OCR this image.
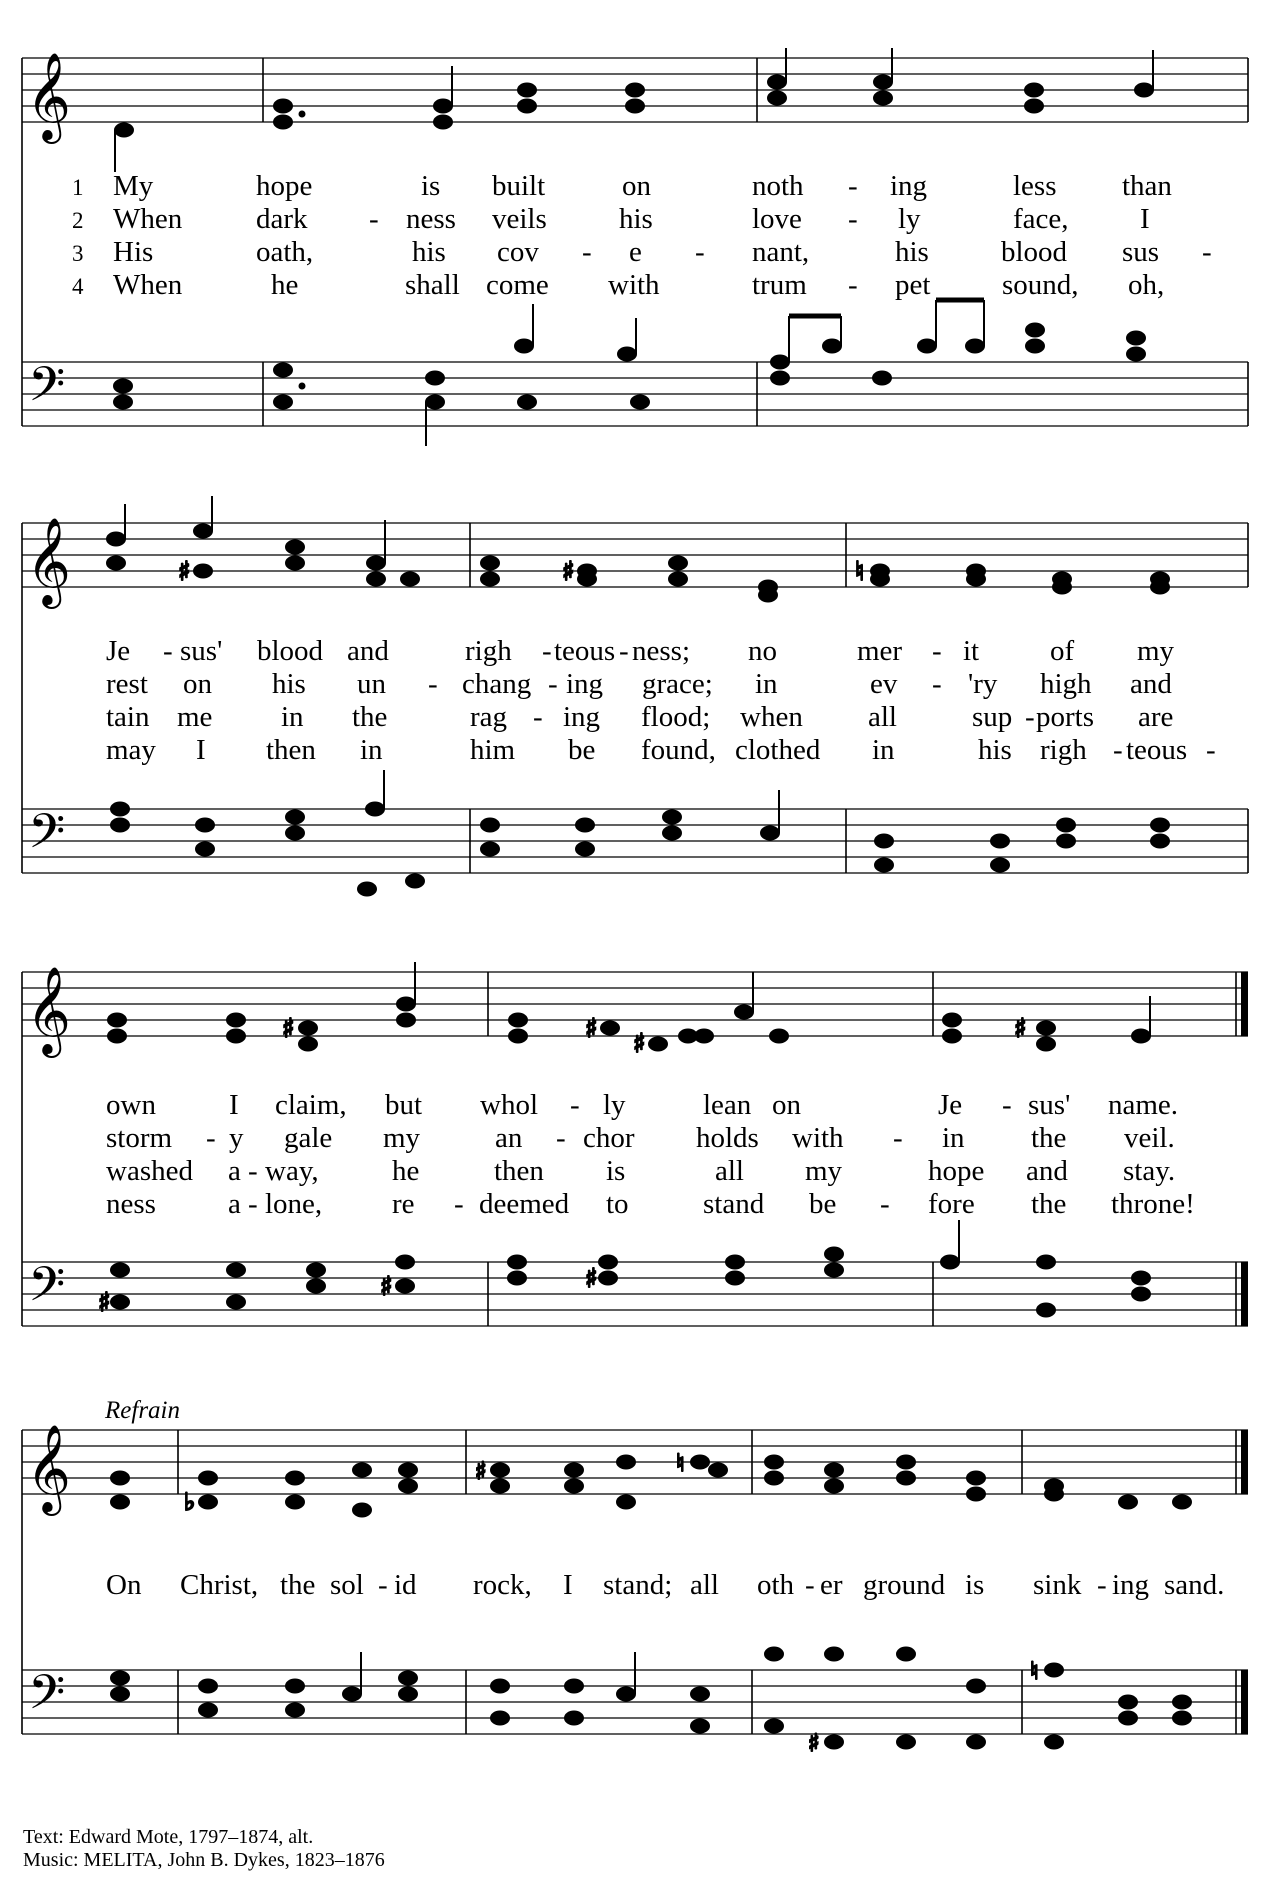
𝄞
𝄢
1
2
3
4
My	hope	is built	on	noth - ing	less than
When	dark - ness veils his	love - ly	face, I
His	oath,	his cov - e - nant,	his blood sus -
When	he	shall come with	trum - pet sound, oh,
𝄞
𝄢
♯	♯	♮
Je - sus' blood and	righ - teous - ness; no	mer - it of my
rest on his un - chang - ing grace; in	ev - 'ry high and
tain me in the	rag - ing flood; when all	sup - ports are
may I then in	him be found, clothed in	his righ - teous -
𝄞
𝄢
♯	♯ ♯	♯
♯
♯	♯
own	I claim, but whol - ly	lean on	Je - sus' name.
storm - y gale my	an - chor holds with - in the veil.
washed a - way,	he	then is	all my	hope and stay.
ness a - lone, re - deemed to	stand be - fore the throne!
Refrain
𝄞
𝄢
♭
♯	♮
♯
♮
On Christ, the sol - id rock, I stand; all oth - er ground is sink - ing sand.
Text: Edward Mote, 1797–1874, alt.
Music: MELITA, John B. Dykes, 1823–1876
